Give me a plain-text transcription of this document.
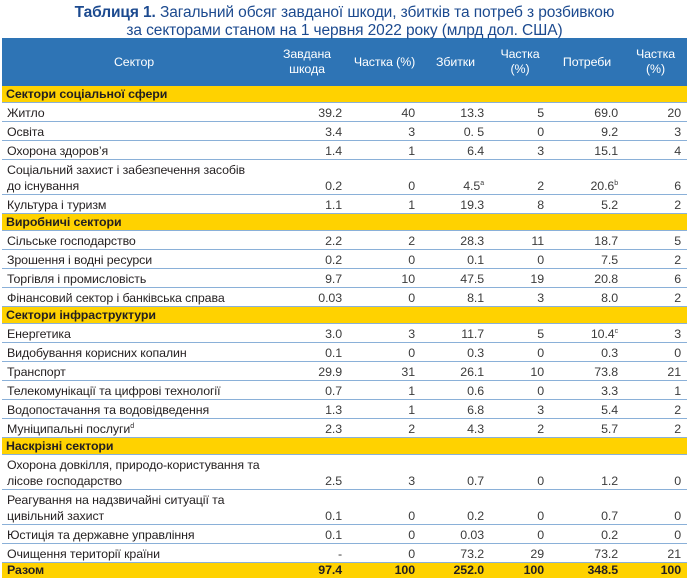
Таблиця 1. Загальний обсяг завданої шкоди, збитків та потреб з розбивкою
за секторами станом на 1 червня 2022 року (млрд дол. США)
Сектор	Завдана шкода	Частка (%)	Збитки	Частка (%)	Потреби	Частка (%)
Сектори соціальної сфери						
Житло	39.2	40	13.3	5	69.0	20
Освіта	3.4	3	0. 5	0	9.2	3
Охорона здоров’я	1.4	1	6.4	3	15.1	4
Соціальний захист і забезпечення засобів до існування	0.2	0	4.5$^a$	2	20.6$^b$	6
Культура і туризм	1.1	1	19.3	8	5.2	2
Виробничі сектори						
Сільське господарство	2.2	2	28.3	11	18.7	5
Зрошення і водні ресурси	0.2	0	0.1	0	7.5	2
Торгівля і промисловість	9.7	10	47.5	19	20.8	6
Фінансовий сектор і банківська справа	0.03	0	8.1	3	8.0	2
Сектори інфраструктури						
Енергетика	3.0	3	11.7	5	10.4$^c$	3
Видобування корисних копалин	0.1	0	0.3	0	0.3	0
Транспорт	29.9	31	26.1	10	73.8	21
Телекомунікації та цифрові технології	0.7	1	0.6	0	3.3	1
Водопостачання та водовідведення	1.3	1	6.8	3	5.4	2
Муніципальні послуги$^d$	2.3	2	4.3	2	5.7	2
Наскрізні сектори						
Охорона довкілля, природо-користування та лісове господарство	2.5	3	0.7	0	1.2	0
Реагування на надзвичайні ситуації та цивільний захист	0.1	0	0.2	0	0.7	0
Юстиція та державне управління	0.1	0	0.03	0	0.2	0
Очищення території країни	-	0	73.2	29	73.2	21
Разом	97.4	100	252.0	100	348.5	100
